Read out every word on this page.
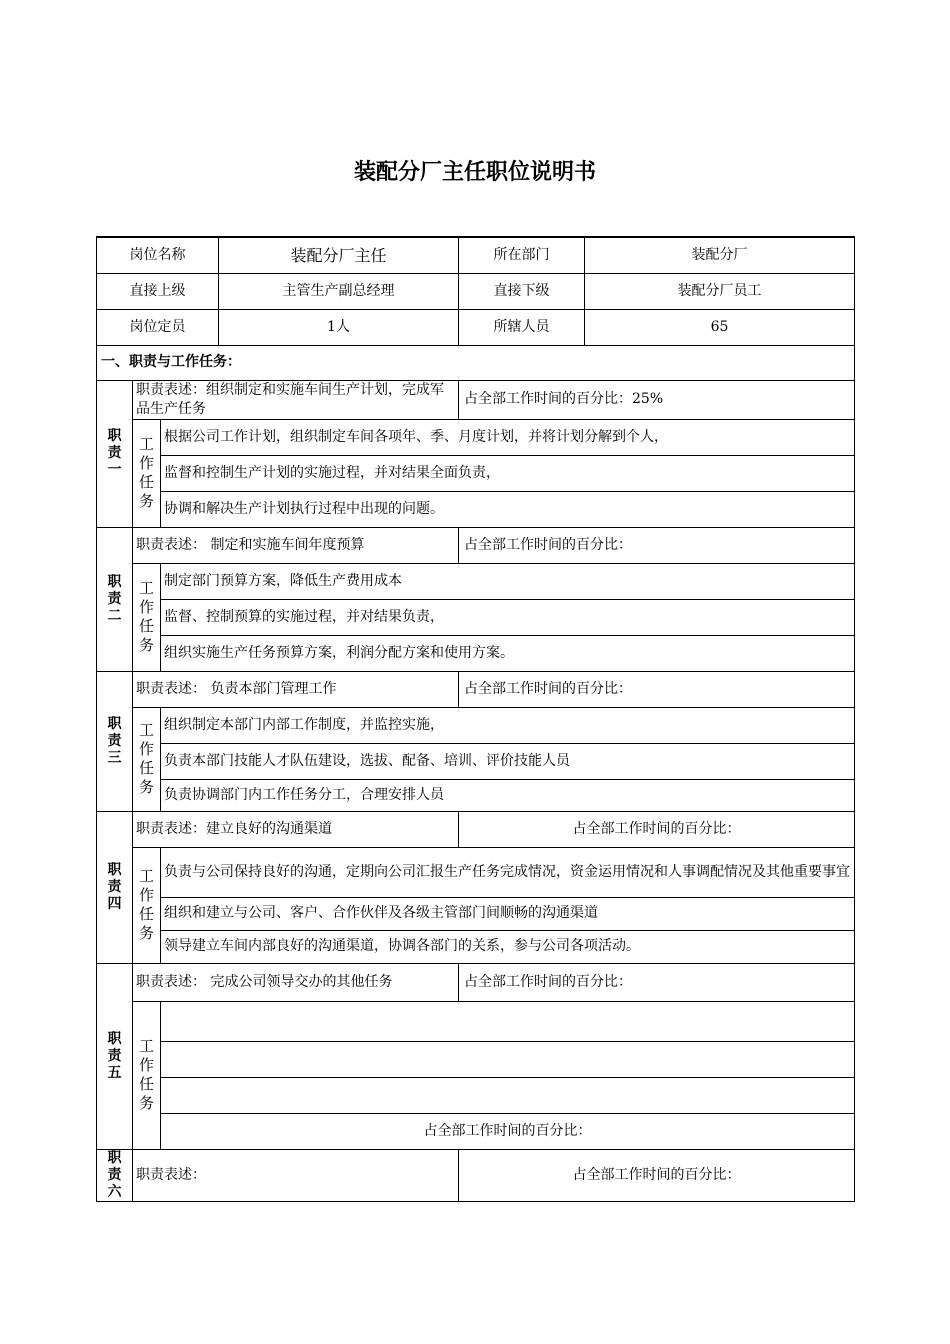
装配分厂主任职位说明书
岗位名称			装配分厂主任	所在部门	装配分厂
直接上级			主管生产副总经理	直接下级	装配分厂员工
岗位定员			1人	所辖人员	65
一、职责与工作任务：					

职
责
一	职责表述：组织制定和实施车间生产计划，完成军品生产任务			占全部工作时间的百分比：25%	

	工
作
任
务	根据公司工作计划，组织制定车间各项年、季、月度计划，并将计划分解到个人，			
		监督和控制生产计划的实施过程，并对结果全面负责，			
		协调和解决生产计划执行过程中出现的问题。			

职
责
二	职责表述： 制定和实施车间年度预算			占全部工作时间的百分比：	

	工
作
任
务	制定部门预算方案，降低生产费用成本			
		监督、控制预算的实施过程，并对结果负责，			
		组织实施生产任务预算方案，利润分配方案和使用方案。			

职
责
三	职责表述： 负责本部门管理工作			占全部工作时间的百分比：	

	工
作
任
务	组织制定本部门内部工作制度，并监控实施，			
		负责本部门技能人才队伍建设，选拔、配备、培训、评价技能人员			
		负责协调部门内工作任务分工，合理安排人员			

职
责
四	职责表述：建立良好的沟通渠道			占全部工作时间的百分比：	

	工
作
任
务	负责与公司保持良好的沟通，定期向公司汇报生产任务完成情况，资金运用情况和人事调配情况及其他重要事宜			
		组织和建立与公司、客户、合作伙伴及各级主管部门间顺畅的沟通渠道			
		领导建立车间内部良好的沟通渠道，协调各部门的关系，参与公司各项活动。			

职
责
五	职责表述： 完成公司领导交办的其他任务			占全部工作时间的百分比：	

	工
作
任
务				

		占全部工作时间的百分比：			

职
责
六	职责表述：			占全部工作时间的百分比：	
